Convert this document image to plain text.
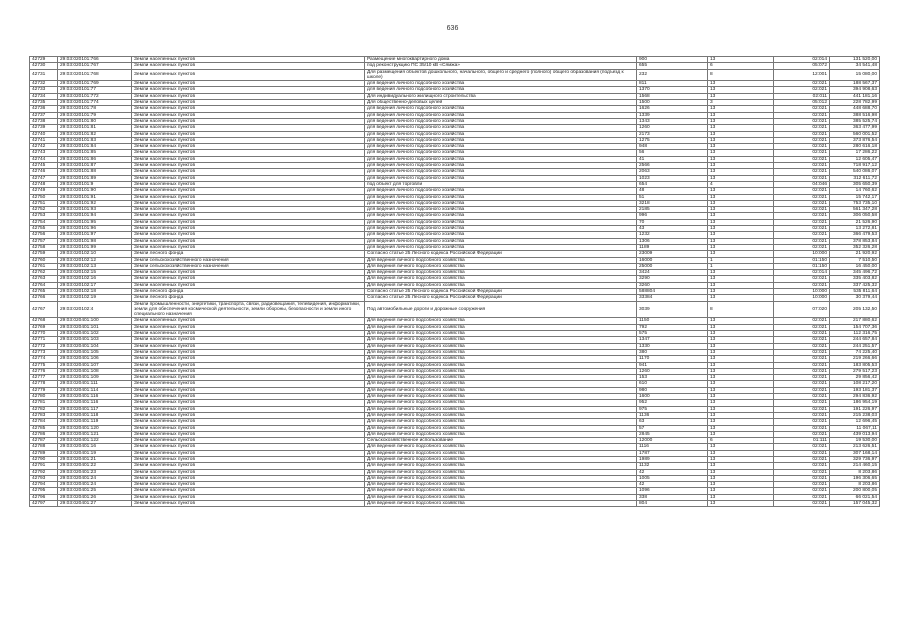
636
42729	29:03:020101:766	Земли населенных пунктов	Размещение многоквартирного дома	900	13	02:014	131 520,00
42730	29:03:020101:767	Земли населенных пунктов	под реконструкцию ПС 35/10 кВ «Сямжа»	655	6	05:072	34 541,48
42731	29:03:020101:768	Земли населенных пунктов	Для размещения объектов дошкольного, начального, общего и среднего (полного) общего образования (подъезд к школе)	232	8	12:001	15 080,00
42732	29:03:020101:769	Земли населенных пунктов	для ведения личного подсобного хозяйства	811	13	02:021	188 567,37
42733	29:03:020101:77	Земли населенных пунктов	для ведения личного подсобного хозяйства	1370	13	02:021	394 908,63
42734	29:03:020101:772	Земли населенных пунктов	Для индивидуального жилищного строительства	1568	13	02:011	441 181,16
42735	29:03:020101:774	Земли населенных пунктов	Для общественно-деловых целей	1500	3	05:012	228 782,99
42736	29:03:020101:78	Земли населенных пунктов	для ведения личного подсобного хозяйства	1626	13	02:021	448 688,70
42737	29:03:020101:79	Земли населенных пунктов	для ведения личного подсобного хозяйства	1339	13	02:021	388 516,98
42738	29:03:020101:80	Земли населенных пунктов	для ведения личного подсобного хозяйства	1343	13	02:021	385 525,74
42739	29:03:020101:81	Земли населенных пунктов	для ведения личного подсобного хозяйства	1260	13	02:021	363 477,99
42740	29:03:020101:82	Земли населенных пунктов	для ведения личного подсобного хозяйства	2173	13	02:021	560 001,52
42741	29:03:020101:83	Земли населенных пунктов	для ведения личного подсобного хозяйства	1275	13	02:021	373 876,54
42742	29:03:020101:84	Земли населенных пунктов	для ведения личного подсобного хозяйства	948	13	02:021	280 616,18
42743	29:03:020101:85	Земли населенных пунктов	для ведения личного подсобного хозяйства	56	13	02:021	17 286,22
42744	29:03:020101:86	Земли населенных пунктов	для ведения личного подсобного хозяйства	41	13	02:021	12 605,47
42745	29:03:020101:87	Земли населенных пунктов	для ведения личного подсобного хозяйства	2566	13	02:021	718 917,12
42746	29:03:020101:88	Земли населенных пунктов	для ведения личного подсобного хозяйства	2063	13	02:021	540 086,07
42747	29:03:020101:89	Земли населенных пунктов	для ведения личного подсобного хозяйства	1023	13	02:021	312 611,72
42748	29:03:020101:9	Земли населенных пунктов	под объект для торговли	654	4	04:046	305 650,39
42749	29:03:020101:90	Земли населенных пунктов	для ведения личного подсобного хозяйства	48	13	02:021	14 760,62
42750	29:03:020101:91	Земли населенных пунктов	для ведения личного подсобного хозяйства	51	13	02:021	15 742,17
42751	29:03:020101:92	Земли населенных пунктов	для ведения личного подсобного хозяйства	3218	13	02:021	753 735,10
42752	29:03:020101:93	Земли населенных пунктов	для ведения личного подсобного хозяйства	2185	13	02:021	561 347,28
42753	29:03:020101:94	Земли населенных пунктов	для ведения личного подсобного хозяйства	996	13	02:021	306 050,58
42754	29:03:020101:95	Земли населенных пунктов	для ведения личного подсобного хозяйства	70	13	02:021	21 526,90
42755	29:03:020101:96	Земли населенных пунктов	для ведения личного подсобного хозяйства	43	13	02:021	13 272,81
42756	29:03:020101:97	Земли населенных пунктов	для ведения личного подсобного хозяйства	1232	13	02:021	366 479,53
42757	29:03:020101:98	Земли населенных пунктов	для ведения личного подсобного хозяйства	1306	13	02:021	378 853,84
42758	29:03:020101:99	Земли населенных пунктов	для ведения личного подсобного хозяйства	1189	13	02:021	352 326,28
42759	29:03:020102:10	Земли лесного фонда	Согласно статье 25 Лесного кодекса Российской Федерации	23009	13	10:000	21 920,92
42760	29:03:020102:12	Земли сельскохозяйственного назначения	Для ведения личного подсобного хозяйства	16000	1	01:150	7 510,50
42761	29:03:020102:13	Земли сельскохозяйственного назначения	Для ведения личного подсобного хозяйства	25000	1	01:150	16 450,00
42762	29:03:020102:15	Земли населенных пунктов	Для ведения личного подсобного хозяйства	3424	13	02:014	345 496,72
42763	29:03:020102:16	Земли населенных пунктов	Для ведения личного подсобного хозяйства	3290	13	02:021	335 403,82
42764	29:03:020102:17	Земли населенных пунктов	Для ведения личного подсобного хозяйства	3260	13	02:021	337 425,32
42765	29:03:020102:18	Земли лесного фонда	Согласно статье 25 Лесного кодекса Российской Федерации	588804	13	10:000	535 811,64
42766	29:03:020102:19	Земли лесного фонда	Согласно статье 25 Лесного кодекса Российской Федерации	33384	13	10:000	30 379,44
42767	29:03:020102:4	Земли промышленности, энергетики, транспорта, связи, радиовещания, телевидения, информатики, земли для обеспечения космической деятельности, земли обороны, безопасности и земли иного специального назначения	Под автомобильные дороги и дорожные сооружения	3039	8	07:020	205 132,50
42768	29:03:020401:100	Земли населенных пунктов	Для ведения личного подсобного хозяйства	1150	13	02:021	217 880,62
42769	29:03:020401:101	Земли населенных пунктов	Для ведения личного подсобного хозяйства	792	13	02:021	154 707,36
42770	29:03:020401:102	Земли населенных пунктов	Для ведения личного подсобного хозяйства	575	13	02:021	112 316,75
42771	29:03:020401:103	Земли населенных пунктов	Для ведения личного подсобного хозяйства	1347	13	02:021	244 657,84
42772	29:03:020401:104	Земли населенных пунктов	Для ведения личного подсобного хозяйства	1330	13	02:021	244 251,57
42773	29:03:020401:105	Земли населенных пунктов	Для ведения личного подсобного хозяйства	380	13	02:021	74 225,40
42774	29:03:020401:106	Земли населенных пунктов	Для ведения личного подсобного хозяйства	1170	13	02:021	219 266,66
42775	29:03:020401:107	Земли населенных пунктов	Для ведения личного подсобного хозяйства	941	13	02:021	183 805,53
42776	29:03:020401:108	Земли населенных пунктов	Для ведения личного подсобного хозяйства	1260	13	02:021	279 517,23
42777	29:03:020401:109	Земли населенных пунктов	Для ведения личного подсобного хозяйства	153	13	02:021	29 856,42
42778	29:03:020401:111	Земли населенных пунктов	Для ведения личного подсобного хозяйства	610	13	02:021	108 217,20
42779	29:03:020401:114	Земли населенных пунктов	Для ведения личного подсобного хозяйства	980	13	02:021	193 181,37
42780	29:03:020401:116	Земли населенных пунктов	Для ведения личного подсобного хозяйства	1600	13	02:021	294 836,92
42781	29:03:020401:116	Земли населенных пунктов	Для ведения личного подсобного хозяйства	952	13	02:021	186 954,19
42782	29:03:020401:117	Земли населенных пунктов	Для ведения личного подсобного хозяйства	975	13	02:021	191 226,97
42783	29:03:020401:118	Земли населенных пунктов	Для ведения личного подсобного хозяйства	1136	13	02:021	215 238,03
42784	29:03:020401:119	Земли населенных пунктов	Для ведения личного подсобного хозяйства	63	13	02:021	12 696,45
42785	29:03:020401:120	Земли населенных пунктов	Для ведения личного подсобного хозяйства	57	13	02:021	11 067,11
42786	29:03:020401:121	Земли населенных пунктов	Для ведения личного подсобного хозяйства	2845	13	02:021	439 013,94
42787	29:03:020401:122	Земли населенных пунктов	Сельскохозяйственное использование	12000	6	01:111	19 530,00
42788	29:03:020401:16	Земли населенных пунктов	Для ведения личного подсобного хозяйства	1116	13	02:021	213 626,51
42789	29:03:020401:19	Земли населенных пунктов	Для ведения личного подсобного хозяйства	1787	13	02:021	307 168,14
42790	29:03:020401:21	Земли населенных пунктов	Для ведения личного подсобного хозяйства	1989	13	02:021	329 736,97
42791	29:03:020401:22	Земли населенных пунктов	Для ведения личного подсобного хозяйства	1132	13	02:021	214 460,15
42792	29:03:020401:23	Земли населенных пунктов	Для ведения личного подсобного хозяйства	42	13	02:021	8 203,86
42793	29:03:020401:24	Земли населенных пунктов	Для ведения личного подсобного хозяйства	1005	13	02:021	196 306,65
42794	29:03:020401:24	Земли населенных пунктов	Для ведения личного подсобного хозяйства	42	13	02:021	8 203,86
42795	29:03:020401:25	Земли населенных пунктов	Для ведения личного подсобного хозяйства	1096	13	02:021	200 800,05
42796	29:03:020401:26	Земли населенных пунктов	Для ведения личного подсобного хозяйства	338	13	02:021	66 021,54
42797	29:03:020401:27	Земли населенных пунктов	Для ведения личного подсобного хозяйства	804	13	02:021	157 045,32
